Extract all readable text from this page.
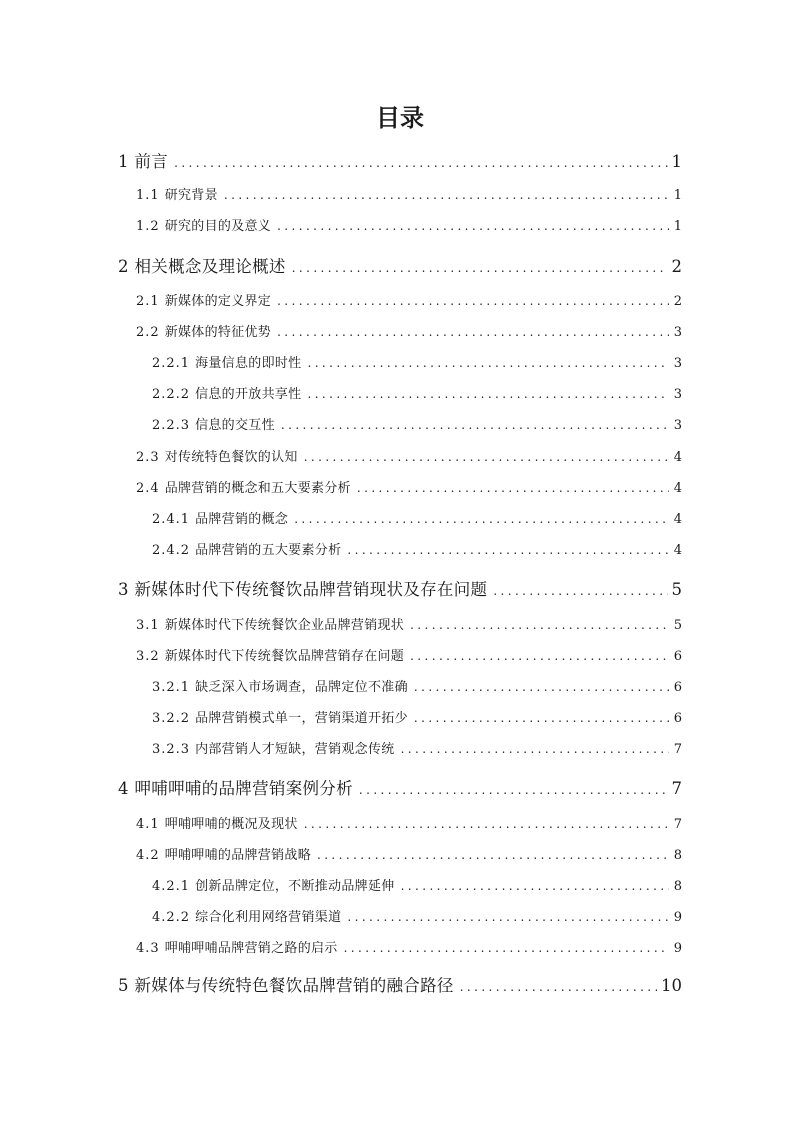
目录
1 前言 .....	1
1.1 研究背景 .....	1
1.2 研究的目的及意义 .....	1
2 相关概念及理论概述 .....	2
2.1 新媒体的定义界定 .....	2
2.2 新媒体的特征优势 .....	3
2.2.1 海量信息的即时性 .....	3
2.2.2 信息的开放共享性 .....	3
2.2.3 信息的交互性 .....	3
2.3 对传统特色餐饮的认知 .....	4
2.4 品牌营销的概念和五大要素分析 .....	4
2.4.1 品牌营销的概念 .....	4
2.4.2 品牌营销的五大要素分析 .....	4
3 新媒体时代下传统餐饮品牌营销现状及存在问题 .....	5
3.1 新媒体时代下传统餐饮企业品牌营销现状 .....	5
3.2 新媒体时代下传统餐饮品牌营销存在问题 .....	6
3.2.1 缺乏深入市场调查，品牌定位不准确 .....	6
3.2.2 品牌营销模式单一，营销渠道开拓少 .....	6
3.2.3 内部营销人才短缺，营销观念传统 .....	7
4 呷哺呷哺的品牌营销案例分析 .....	7
4.1 呷哺呷哺的概况及现状 .....	7
4.2 呷哺呷哺的品牌营销战略 .....	8
4.2.1 创新品牌定位，不断推动品牌延伸 .....	8
4.2.2 综合化利用网络营销渠道 .....	9
4.3 呷哺呷哺品牌营销之路的启示 .....	9
5 新媒体与传统特色餐饮品牌营销的融合路径 .....	10
